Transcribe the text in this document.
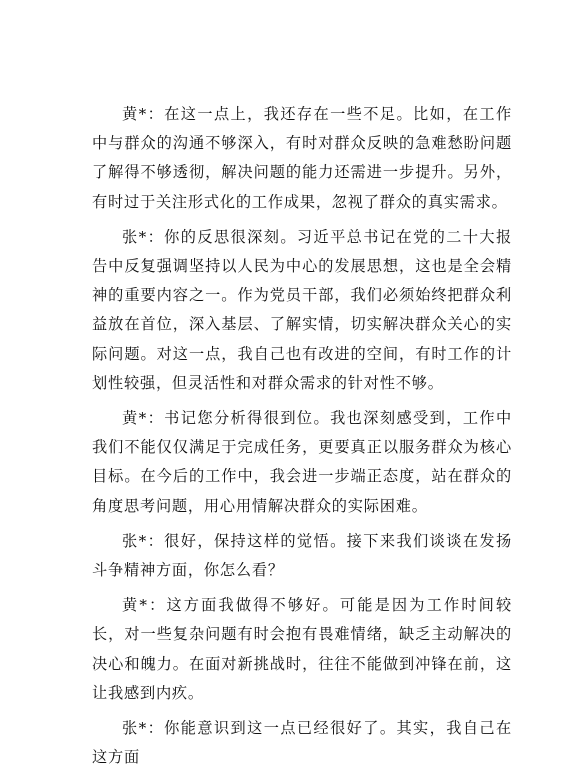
黄*：在这一点上，我还存在一些不足。比如，在工作中与群众的沟通不够深入，有时对群众反映的急难愁盼问题了解得不够透彻，解决问题的能力还需进一步提升。另外，有时过于关注形式化的工作成果，忽视了群众的真实需求。

张*：你的反思很深刻。习近平总书记在党的二十大报告中反复强调坚持以人民为中心的发展思想，这也是全会精神的重要内容之一。作为党员干部，我们必须始终把群众利益放在首位，深入基层、了解实情，切实解决群众关心的实际问题。对这一点，我自己也有改进的空间，有时工作的计划性较强，但灵活性和对群众需求的针对性不够。

黄*：书记您分析得很到位。我也深刻感受到，工作中我们不能仅仅满足于完成任务，更要真正以服务群众为核心目标。在今后的工作中，我会进一步端正态度，站在群众的角度思考问题，用心用情解决群众的实际困难。

张*：很好，保持这样的觉悟。接下来我们谈谈在发扬斗争精神方面，你怎么看？

黄*：这方面我做得不够好。可能是因为工作时间较长，对一些复杂问题有时会抱有畏难情绪，缺乏主动解决的决心和魄力。在面对新挑战时，往往不能做到冲锋在前，这让我感到内疚。

张*：你能意识到这一点已经很好了。其实，我自己在这方面
